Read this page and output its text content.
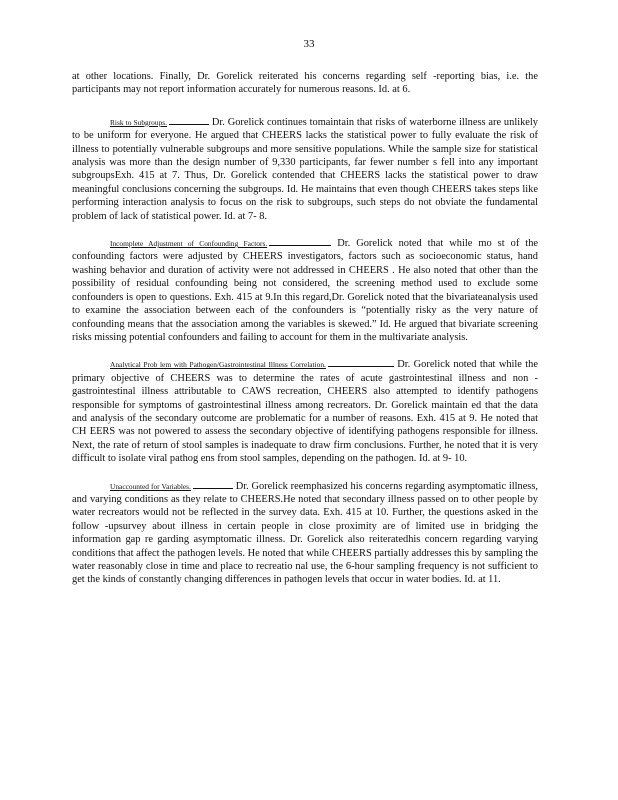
33

at other locations. Finally, Dr. Gorelick reiterated his concerns regarding self -reporting bias, i.e. the participants may not report information accurately for numerous reasons. Id. at 6.

Risk to Subgroups.	Dr. Gorelick continues tomaintain that risks of waterborne illness are unlikely to be uniform for everyone. He argued that CHEERS lacks the statistical power to fully evaluate the risk of illness to potentially vulnerable subgroups and more sensitive populations. While the sample size for statistical analysis was more than the design number of 9,330 participants, far fewer number s fell into any important subgroupsExh. 415 at 7. Thus, Dr. Gorelick contended that CHEERS lacks the statistical power to draw meaningful conclusions concerning the subgroups. Id. He maintains that even though CHEERS takes steps like performing interaction analysis to focus on the risk to subgroups, such steps do not obviate the fundamental problem of lack of statistical power. Id. at 7- 8.

Incomplete Adjustment of Confounding Factors.	Dr. Gorelick noted that while mo st of the confounding factors were adjusted by CHEERS investigators, factors such as socioeconomic status, hand washing behavior and duration of activity were not addressed in CHEERS . He also noted that other than the possibility of residual confounding being not considered, the screening method used to exclude some confounders is open to questions. Exh. 415 at 9.In this regard,Dr. Gorelick noted that the bivariateanalysis used to examine the association between each of the confounders is “potentially risky as the very nature of confounding means that the association among the variables is skewed.” Id. He argued that bivariate screening risks missing potential confounders and failing to account for them in the multivariate analysis.

Analytical Prob lem with Pathogen/Gastrointestinal Illness Correlation.	Dr. Gorelick noted that while the primary objective of CHEERS was to determine the rates of acute gastrointestinal illness and non - gastrointestinal illness attributable to CAWS recreation, CHEERS also attempted to identify pathogens responsible for symptoms of gastrointestinal illness among recreators. Dr. Gorelick maintain ed that the data and analysis of the secondary outcome are problematic for a number of reasons. Exh. 415 at 9. He noted that CH EERS was not powered to assess the secondary objective of identifying pathogens responsible for illness. Next, the rate of return of stool samples is inadequate to draw firm conclusions. Further, he noted that it is very difficult to isolate viral pathog ens from stool samples, depending on the pathogen. Id. at 9- 10.

Unaccounted for Variables.	Dr. Gorelick reemphasized his concerns regarding asymptomatic illness, and varying conditions as they relate to CHEERS.He noted that secondary illness passed on to other people by water recreators would not be reflected in the survey data. Exh. 415 at 10. Further, the questions asked in the follow -upsurvey about illness in certain people in close proximity are of limited use in bridging the information gap re garding asymptomatic illness. Dr. Gorelick also reiteratedhis concern regarding varying conditions that affect the pathogen levels. He noted that while CHEERS partially addresses this by sampling the water reasonably close in time and place to recreatio nal use, the 6-hour sampling frequency is not sufficient to get the kinds of constantly changing differences in pathogen levels that occur in water bodies. Id. at 11.
